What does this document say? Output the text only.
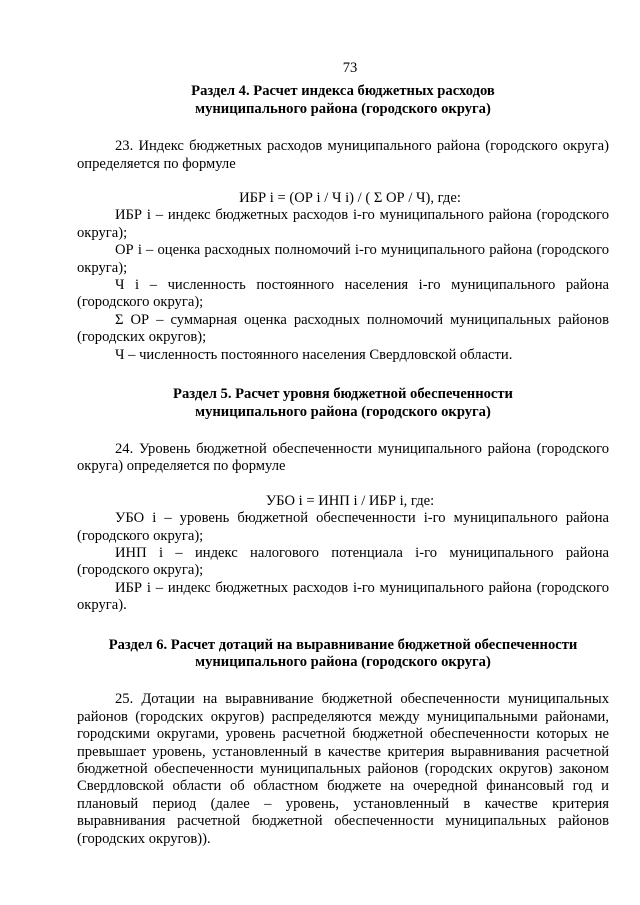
73

Раздел 4. Расчет индекса бюджетных расходов

муниципального района (городского округа)

23. Индекс бюджетных расходов муниципального района (городского округа) определяется по формуле

ИБР i = (ОР i / Ч i) / ( Σ ОР / Ч), где:

ИБР i – индекс бюджетных расходов i-го муниципального района (городского округа);

ОР i – оценка расходных полномочий i-го муниципального района (городского округа);

Ч i – численность постоянного населения i-го муниципального района (городского округа);

Σ ОР – суммарная оценка расходных полномочий муниципальных районов (городских округов);

Ч – численность постоянного населения Свердловской области.

Раздел 5. Расчет уровня бюджетной обеспеченности

муниципального района (городского округа)

24. Уровень бюджетной обеспеченности муниципального района (городского округа) определяется по формуле

УБО i = ИНП i / ИБР i, где:

УБО i – уровень бюджетной обеспеченности i-го муниципального района (городского округа);

ИНП i – индекс налогового потенциала i-го муниципального района (городского округа);

ИБР i – индекс бюджетных расходов i-го муниципального района (городского округа).

Раздел 6. Расчет дотаций на выравнивание бюджетной обеспеченности

муниципального района (городского округа)

25. Дотации на выравнивание бюджетной обеспеченности муниципальных районов (городских округов) распределяются между муниципальными районами, городскими округами, уровень расчетной бюджетной обеспеченности которых не превышает уровень, установленный в качестве критерия выравнивания расчетной бюджетной обеспеченности муниципальных районов (городских округов) законом Свердловской области об областном бюджете на очередной финансовый год и плановый период (далее – уровень, установленный в качестве критерия выравнивания расчетной бюджетной обеспеченности муниципальных районов (городских округов)).
